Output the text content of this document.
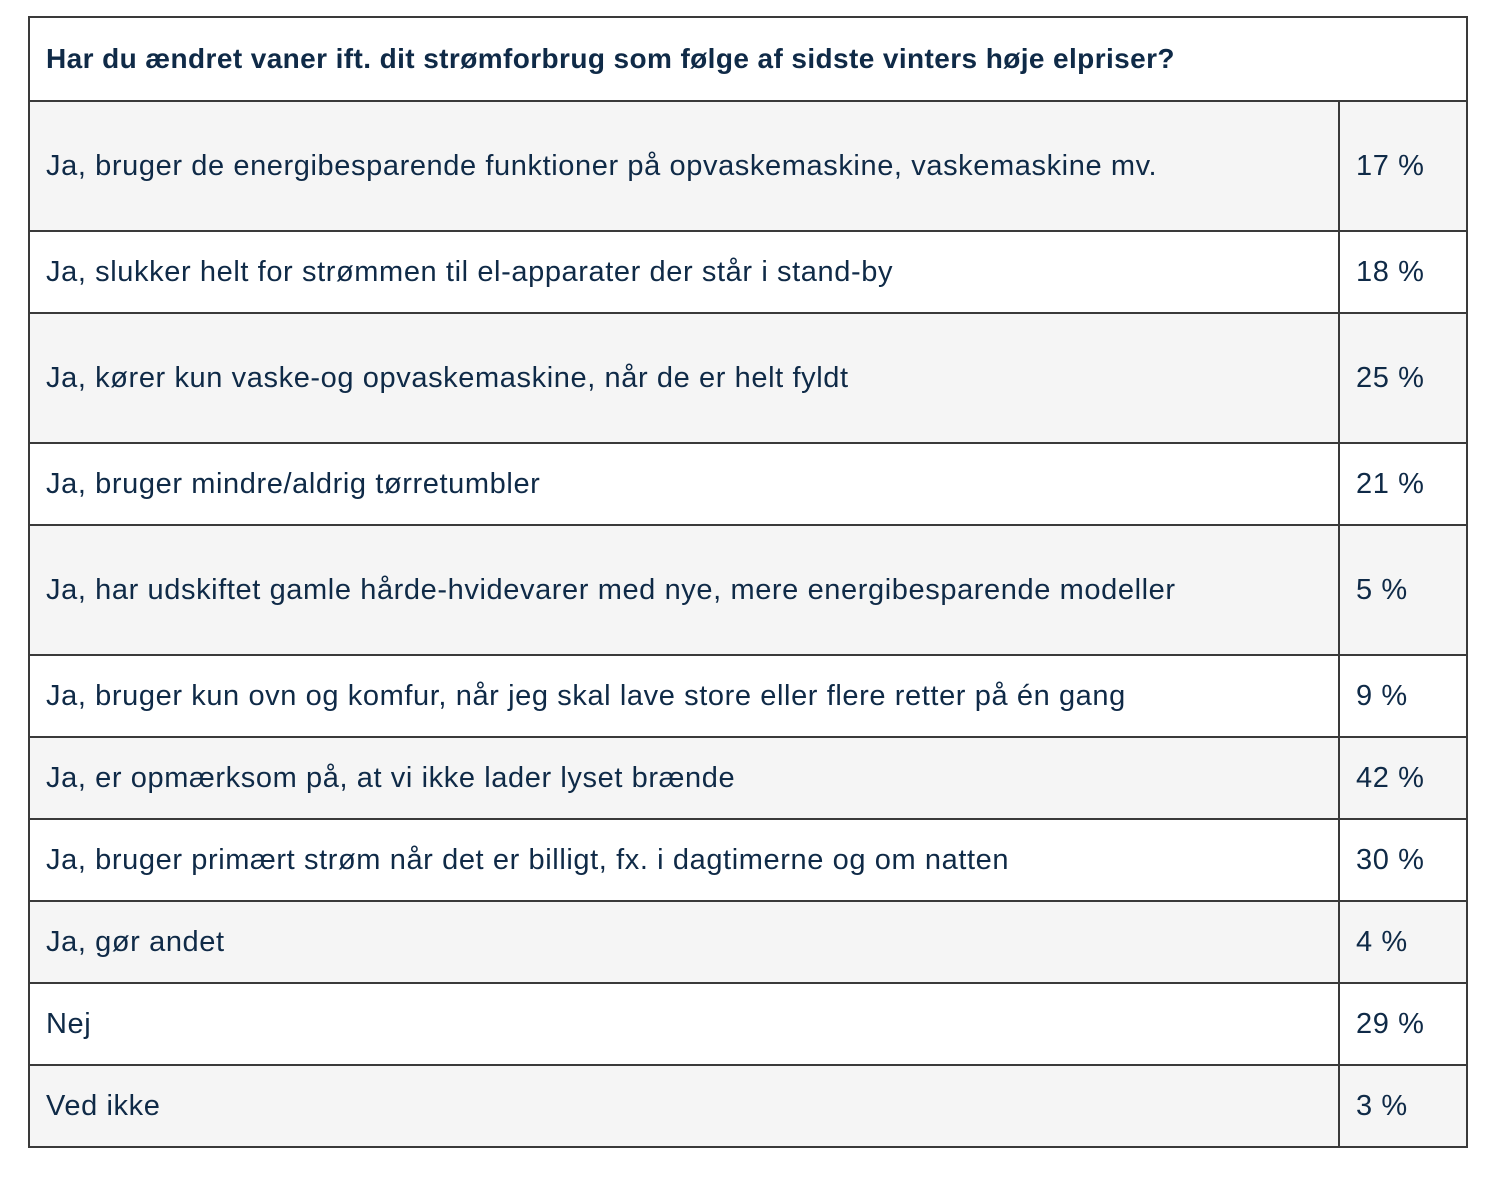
Har du ændret vaner ift. dit strømforbrug som følge af sidste vinters høje elpriser?	
Ja, bruger de energibesparende funktioner på opvaskemaskine, vaskemaskine mv.	17 %
Ja, slukker helt for strømmen til el-apparater der står i stand-by	18 %
Ja, kører kun vaske-og opvaskemaskine, når de er helt fyldt	25 %
Ja, bruger mindre/aldrig tørretumbler	21 %
Ja, har udskiftet gamle hårde-hvidevarer med nye, mere energibesparende modeller	5 %
Ja, bruger kun ovn og komfur, når jeg skal lave store eller flere retter på én gang	9 %
Ja, er opmærksom på, at vi ikke lader lyset brænde	42 %
Ja, bruger primært strøm når det er billigt, fx. i dagtimerne og om natten	30 %
Ja, gør andet	4 %
Nej	29 %
Ved ikke	3 %
